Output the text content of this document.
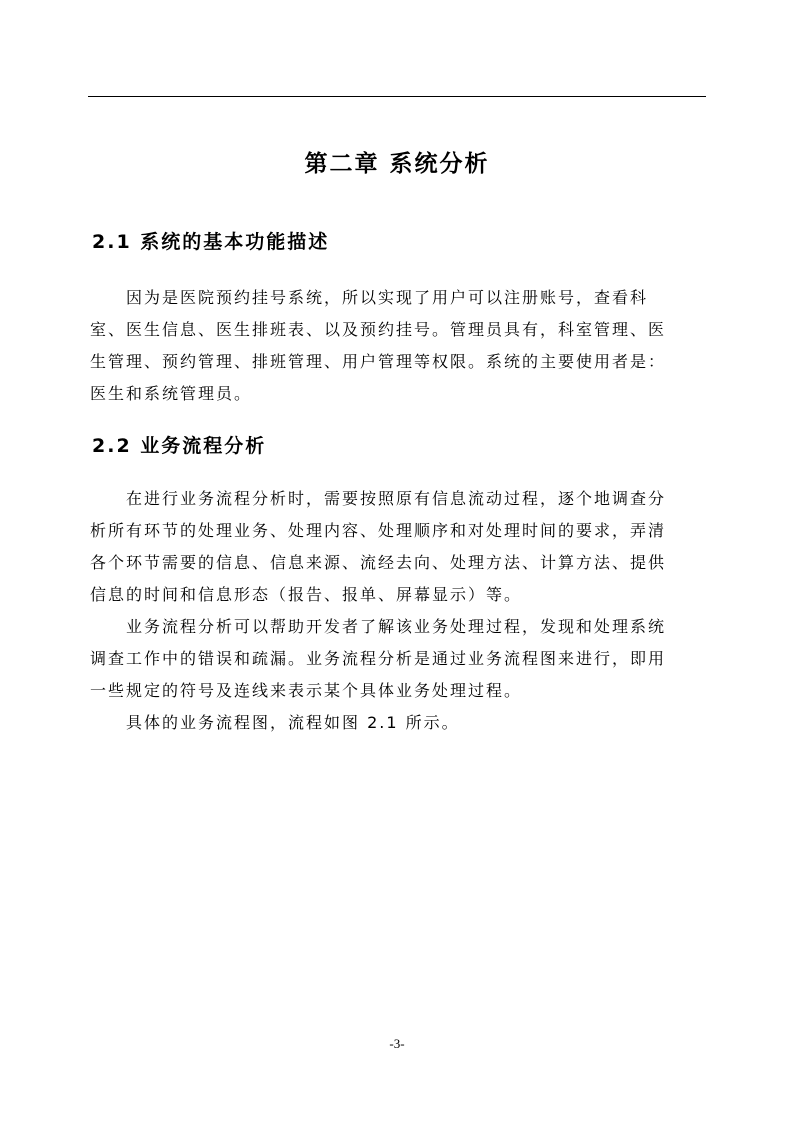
第二章 系统分析
2.1 系统的基本功能描述

　　因为是医院预约挂号系统，所以实现了用户可以注册账号，查看科
室、医生信息、医生排班表、以及预约挂号。管理员具有，科室管理、医
生管理、预约管理、排班管理、用户管理等权限。系统的主要使用者是：
医生和系统管理员。

2.2 业务流程分析

　　在进行业务流程分析时，需要按照原有信息流动过程，逐个地调查分
析所有环节的处理业务、处理内容、处理顺序和对处理时间的要求，弄清
各个环节需要的信息、信息来源、流经去向、处理方法、计算方法、提供
信息的时间和信息形态（报告、报单、屏幕显示）等。

　　业务流程分析可以帮助开发者了解该业务处理过程，发现和处理系统
调查工作中的错误和疏漏。业务流程分析是通过业务流程图来进行，即用
一些规定的符号及连线来表示某个具体业务处理过程。

　　具体的业务流程图，流程如图 2.1 所示。

-3-
